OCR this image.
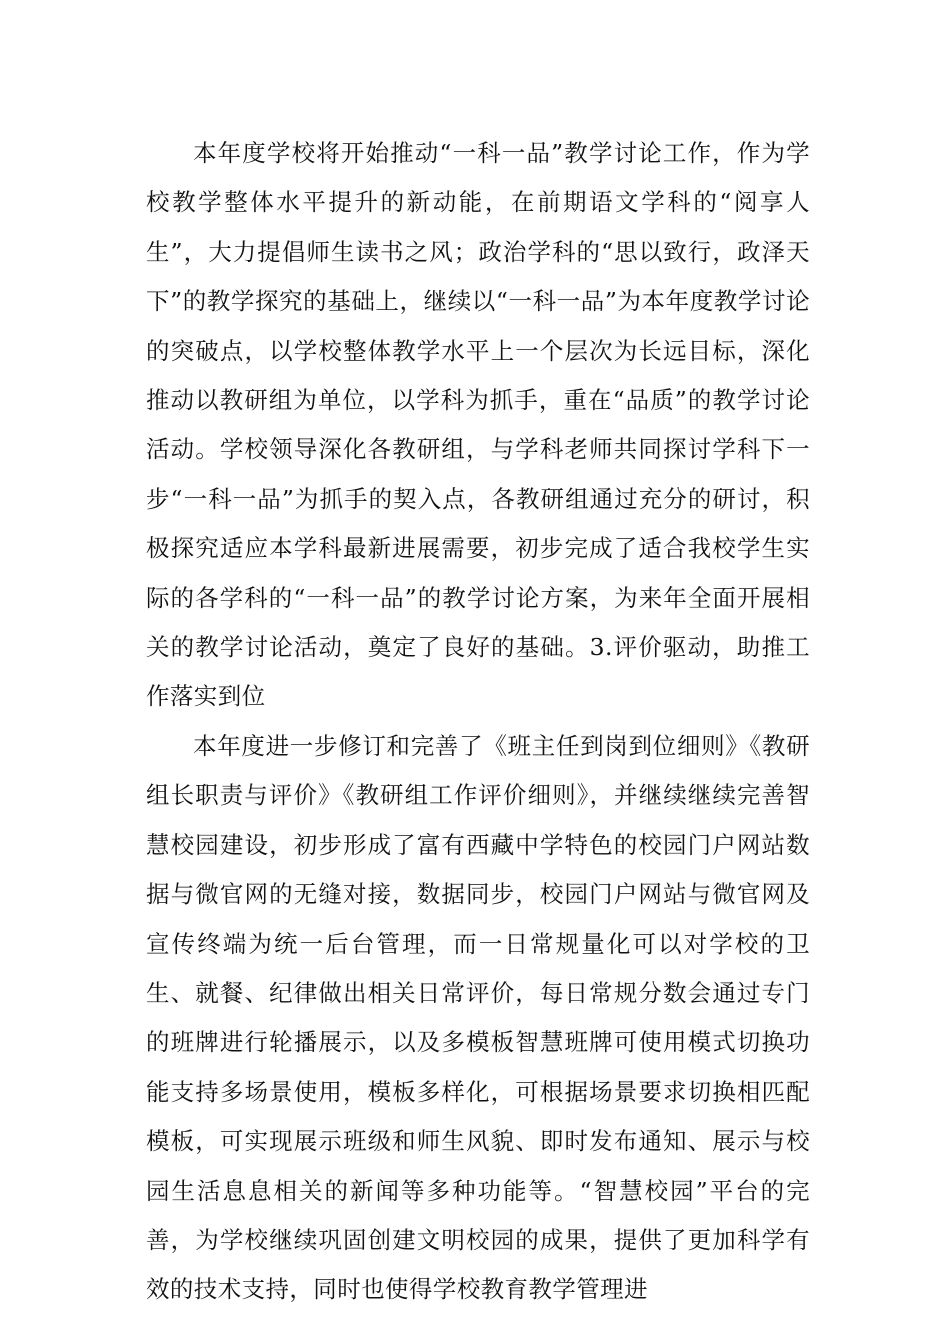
本年度学校将开始推动“一科一品”教学讨论工作，作为学校教学整体水平提升的新动能，在前期语文学科的“阅享人生”，大力提倡师生读书之风；政治学科的“思以致行，政泽天下”的教学探究的基础上，继续以“一科一品”为本年度教学讨论的突破点，以学校整体教学水平上一个层次为长远目标，深化推动以教研组为单位，以学科为抓手，重在“品质”的教学讨论活动。学校领导深化各教研组，与学科老师共同探讨学科下一步“一科一品”为抓手的契入点，各教研组通过充分的研讨，积极探究适应本学科最新进展需要，初步完成了适合我校学生实际的各学科的“一科一品”的教学讨论方案，为来年全面开展相关的教学讨论活动，奠定了良好的基础。3.评价驱动，助推工作落实到位

本年度进一步修订和完善了《班主任到岗到位细则》《教研组长职责与评价》《教研组工作评价细则》，并继续继续完善智慧校园建设，初步形成了富有西藏中学特色的校园门户网站数据与微官网的无缝对接，数据同步，校园门户网站与微官网及宣传终端为统一后台管理，而一日常规量化可以对学校的卫生、就餐、纪律做出相关日常评价，每日常规分数会通过专门的班牌进行轮播展示，以及多模板智慧班牌可使用模式切换功能支持多场景使用，模板多样化，可根据场景要求切换相匹配模板，可实现展示班级和师生风貌、即时发布通知、展示与校园生活息息相关的新闻等多种功能等。“智慧校园”平台的完善，为学校继续巩固创建文明校园的成果，提供了更加科学有效的技术支持，同时也使得学校教育教学管理进
